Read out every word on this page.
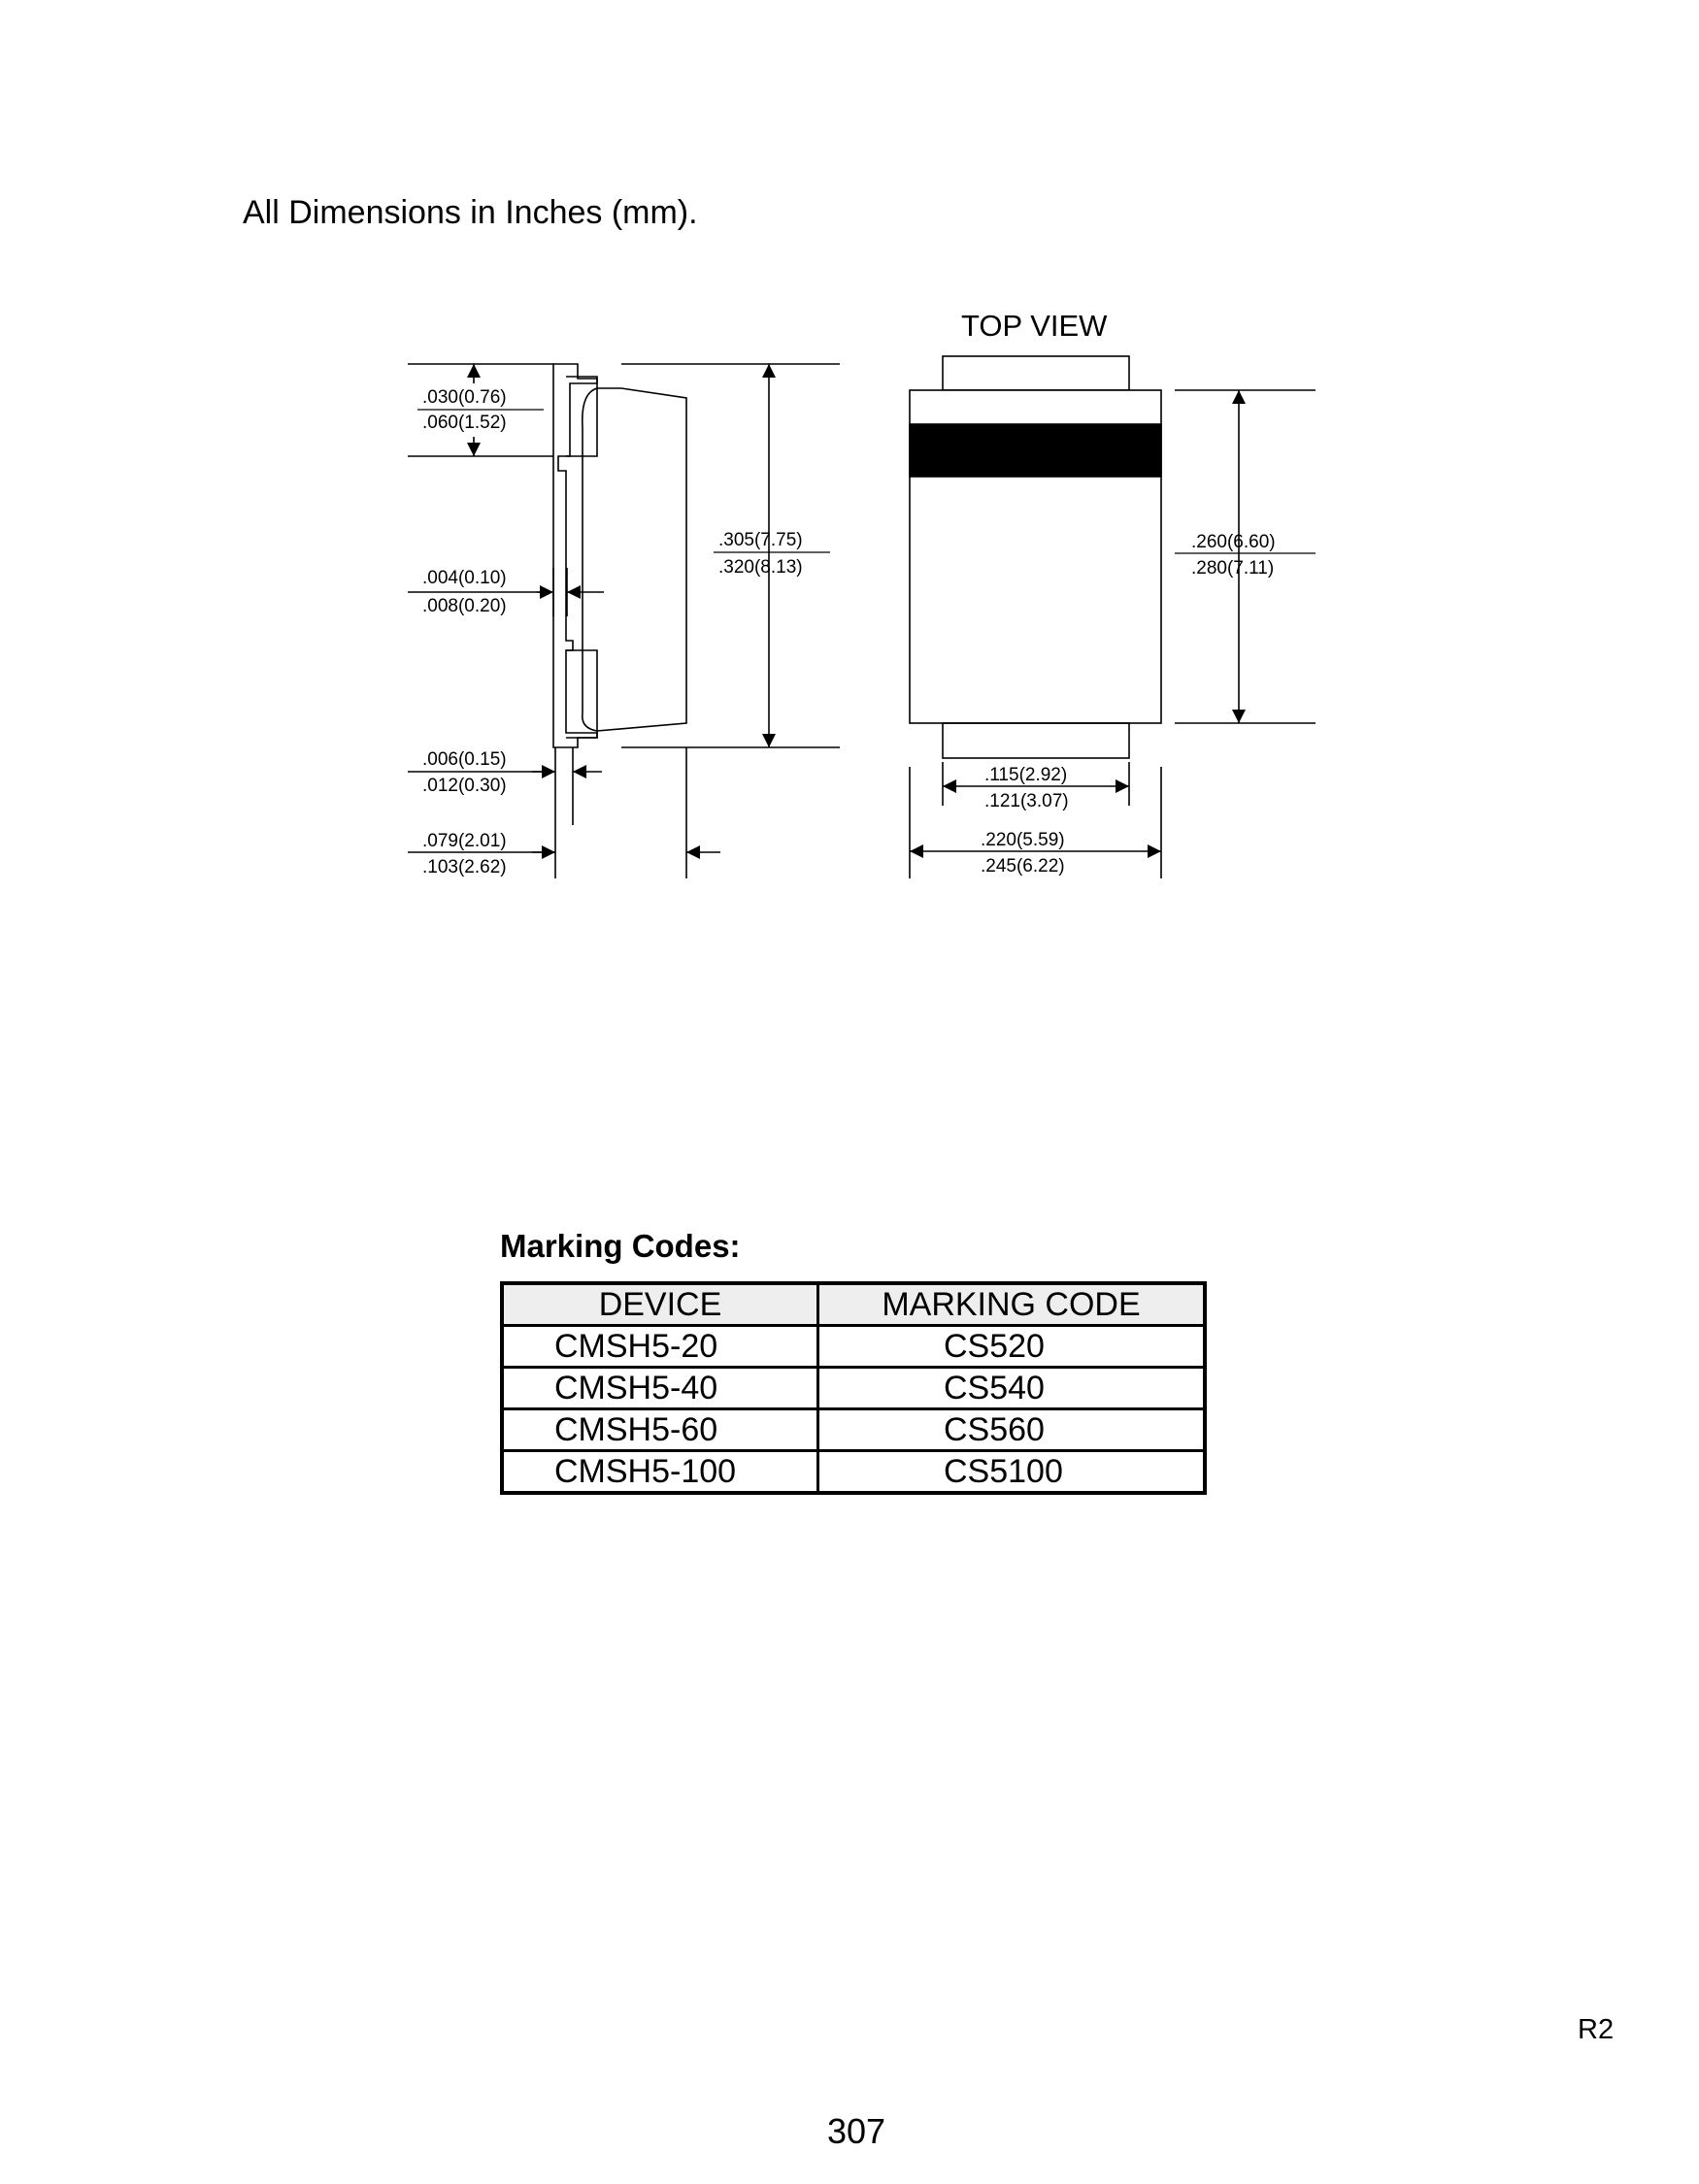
All Dimensions in Inches (mm).
.030(0.76)
.060(1.52)
.004(0.10)
.008(0.20)
.006(0.15)
.012(0.30)
.079(2.01)
.103(2.62)
.305(7.75)
.320(8.13)
TOP VIEW
.260(6.60)
.280(7.11)
.115(2.92)
.121(3.07)
.220(5.59)
.245(6.22)
Marking Codes:
DEVICE	MARKING CODE
CMSH5-20	CS520
CMSH5-40	CS540
CMSH5-60	CS560
CMSH5-100	CS5100
R2
307
